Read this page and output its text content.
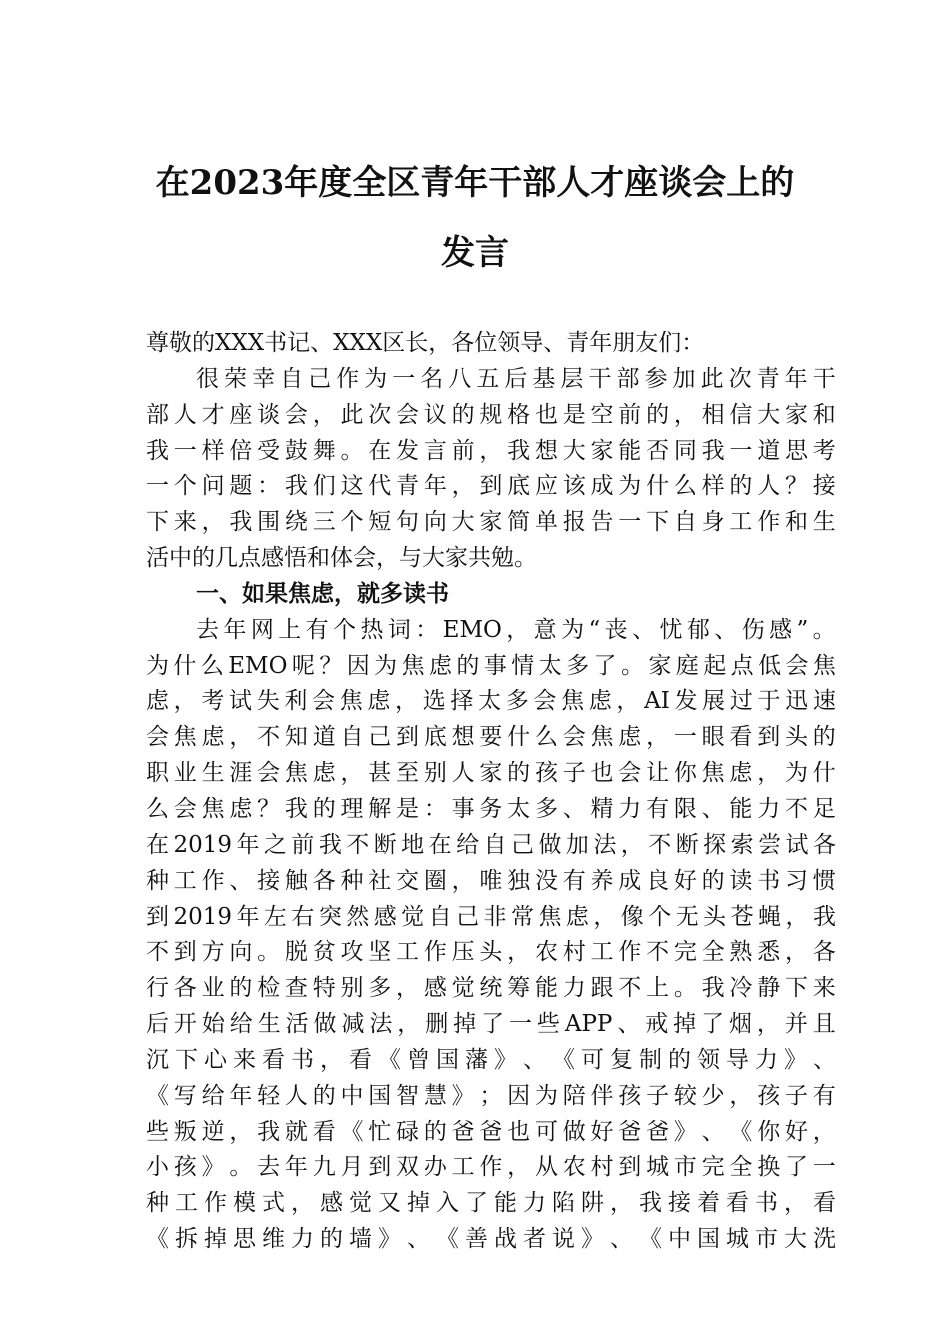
在2023年度全区青年干部人才座谈会上的
发言
尊敬的XXX书记、XXX区长，各位领导、青年朋友们：
很 荣 幸 自 己 作 为 一 名 八 五 后 基 层 干 部 参 加 此 次 青 年 干
部 人 才 座 谈 会 ， 此 次 会 议 的 规 格 也 是 空 前 的 ， 相 信 大 家 和
我 一 样 倍 受 鼓 舞 。 在 发 言 前 ， 我 想 大 家 能 否 同 我 一 道 思 考
一 个 问 题 ： 我 们 这 代 青 年 ， 到 底 应 该 成 为 什 么 样 的 人 ？ 接
下 来 ， 我 围 绕 三 个 短 句 向 大 家 简 单 报 告 一 下 自 身 工 作 和 生
活中的几点感悟和体会，与大家共勉。
一、如果焦虑，就多读书
去 年 网 上 有 个 热 词 ： EMO ， 意 为 “ 丧 、 忧 郁 、 伤 感 ” 。
为 什 么 EMO 呢 ？ 因 为 焦 虑 的 事 情 太 多 了 。 家 庭 起 点 低 会 焦
虑 ， 考 试 失 利 会 焦 虑 ， 选 择 太 多 会 焦 虑 ， AI 发 展 过 于 迅 速
会 焦 虑 ， 不 知 道 自 己 到 底 想 要 什 么 会 焦 虑 ， 一 眼 看 到 头 的
职 业 生 涯 会 焦 虑 ， 甚 至 别 人 家 的 孩 子 也 会 让 你 焦 虑 ， 为 什
么 会 焦 虑 ？ 我 的 理 解 是 ： 事 务 太 多 、 精 力 有 限 、 能 力 不 足
在 2019 年 之 前 我 不 断 地 在 给 自 己 做 加 法 ， 不 断 探 索 尝 试 各
种 工 作 、 接 触 各 种 社 交 圈 ， 唯 独 没 有 养 成 良 好 的 读 书 习 惯
到 2019 年 左 右 突 然 感 觉 自 己 非 常 焦 虑 ， 像 个 无 头 苍 蝇 ， 我
不 到 方 向 。 脱 贫 攻 坚 工 作 压 头 ， 农 村 工 作 不 完 全 熟 悉 ， 各
行 各 业 的 检 查 特 别 多 ， 感 觉 统 筹 能 力 跟 不 上 。 我 冷 静 下 来
后 开 始 给 生 活 做 减 法 ， 删 掉 了 一 些 APP 、 戒 掉 了 烟 ， 并 且
沉 下 心 来 看 书 ， 看 《 曾 国 藩 》 、 《 可 复 制 的 领 导 力 》 、
《 写 给 年 轻 人 的 中 国 智 慧 》 ； 因 为 陪 伴 孩 子 较 少 ， 孩 子 有
些 叛 逆 ， 我 就 看 《 忙 碌 的 爸 爸 也 可 做 好 爸 爸 》 、 《 你 好 ，
小 孩 》 。 去 年 九 月 到 双 办 工 作 ， 从 农 村 到 城 市 完 全 换 了 一
种 工 作 模 式 ， 感 觉 又 掉 入 了 能 力 陷 阱 ， 我 接 着 看 书 ， 看
《 拆 掉 思 维 力 的 墙 》 、 《 善 战 者 说 》 、 《 中 国 城 市 大 洗
